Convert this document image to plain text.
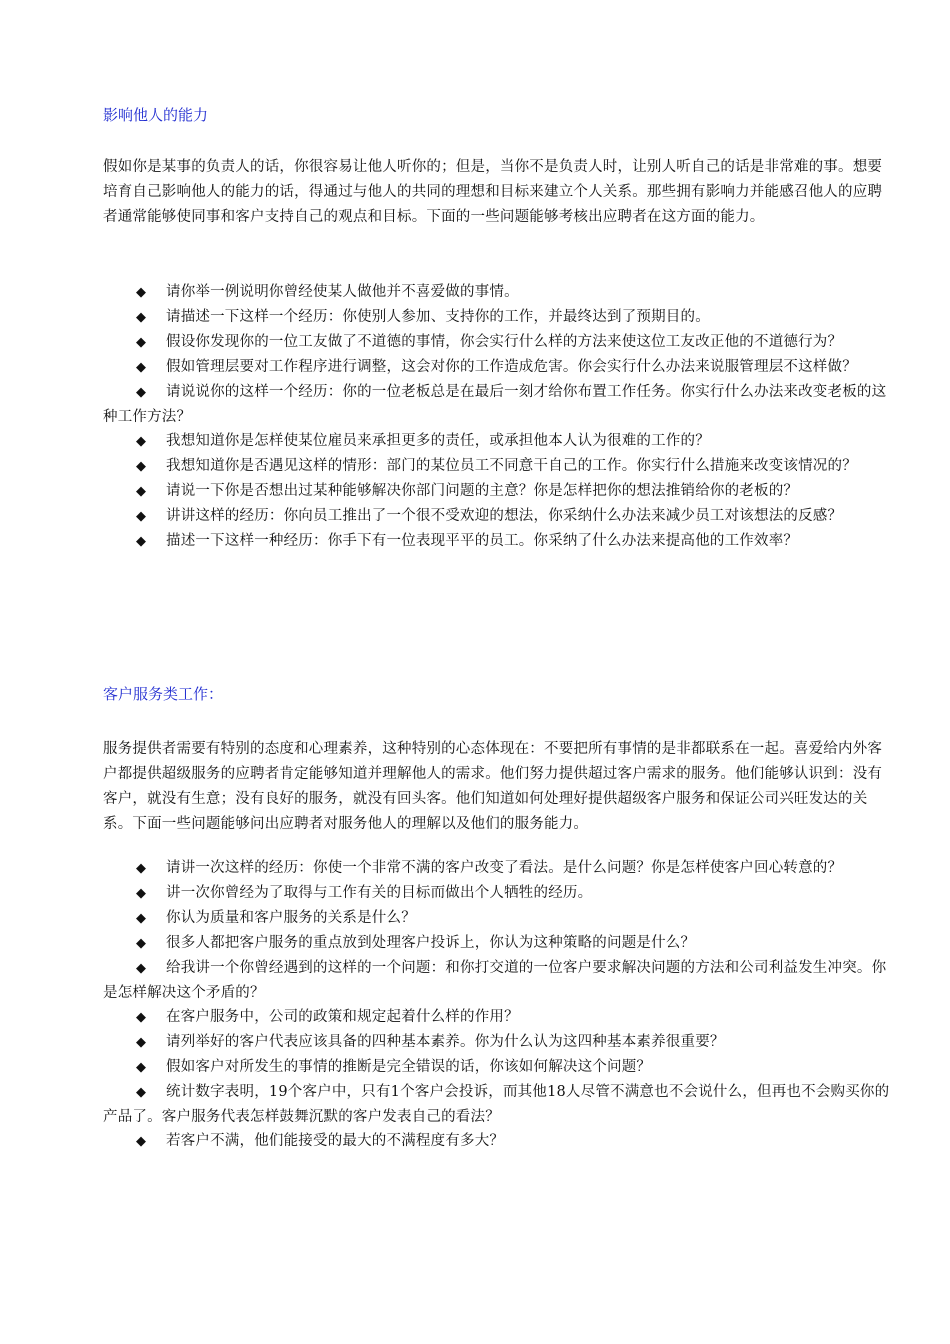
影响他人的能力

假如你是某事的负责人的话，你很容易让他人听你的；但是，当你不是负责人时，让别人听自己的话是非常难的事。想要培育自己影响他人的能力的话，得通过与他人的共同的理想和目标来建立个人关系。那些拥有影响力并能感召他人的应聘者通常能够使同事和客户支持自己的观点和目标。下面的一些问题能够考核出应聘者在这方面的能力。

◆ 请你举一例说明你曾经使某人做他并不喜爱做的事情。
◆ 请描述一下这样一个经历：你使别人参加、支持你的工作，并最终达到了预期目的。
◆ 假设你发现你的一位工友做了不道德的事情，你会实行什么样的方法来使这位工友改正他的不道德行为？
◆ 假如管理层要对工作程序进行调整，这会对你的工作造成危害。你会实行什么办法来说服管理层不这样做？
◆ 请说说你的这样一个经历：你的一位老板总是在最后一刻才给你布置工作任务。你实行什么办法来改变老板的这种工作方法？
◆ 我想知道你是怎样使某位雇员来承担更多的责任，或承担他本人认为很难的工作的？
◆ 我想知道你是否遇见这样的情形：部门的某位员工不同意干自己的工作。你实行什么措施来改变该情况的？
◆ 请说一下你是否想出过某种能够解决你部门问题的主意？你是怎样把你的想法推销给你的老板的？
◆ 讲讲这样的经历：你向员工推出了一个很不受欢迎的想法，你采纳什么办法来减少员工对该想法的反感？
◆ 描述一下这样一种经历：你手下有一位表现平平的员工。你采纳了什么办法来提高他的工作效率？
客户服务类工作：

服务提供者需要有特别的态度和心理素养，这种特别的心态体现在：不要把所有事情的是非都联系在一起。喜爱给内外客户都提供超级服务的应聘者肯定能够知道并理解他人的需求。他们努力提供超过客户需求的服务。他们能够认识到：没有客户，就没有生意；没有良好的服务，就没有回头客。他们知道如何处理好提供超级客户服务和保证公司兴旺发达的关系。下面一些问题能够问出应聘者对服务他人的理解以及他们的服务能力。

◆ 请讲一次这样的经历：你使一个非常不满的客户改变了看法。是什么问题？你是怎样使客户回心转意的？
◆ 讲一次你曾经为了取得与工作有关的目标而做出个人牺牲的经历。
◆ 你认为质量和客户服务的关系是什么？
◆ 很多人都把客户服务的重点放到处理客户投诉上，你认为这种策略的问题是什么？
◆ 给我讲一个你曾经遇到的这样的一个问题：和你打交道的一位客户要求解决问题的方法和公司利益发生冲突。你是怎样解决这个矛盾的？
◆ 在客户服务中，公司的政策和规定起着什么样的作用？
◆ 请列举好的客户代表应该具备的四种基本素养。你为什么认为这四种基本素养很重要？
◆ 假如客户对所发生的事情的推断是完全错误的话，你该如何解决这个问题？
◆ 统计数字表明，19个客户中，只有1个客户会投诉，而其他18人尽管不满意也不会说什么，但再也不会购买你的产品了。客户服务代表怎样鼓舞沉默的客户发表自己的看法？
◆ 若客户不满，他们能接受的最大的不满程度有多大？
